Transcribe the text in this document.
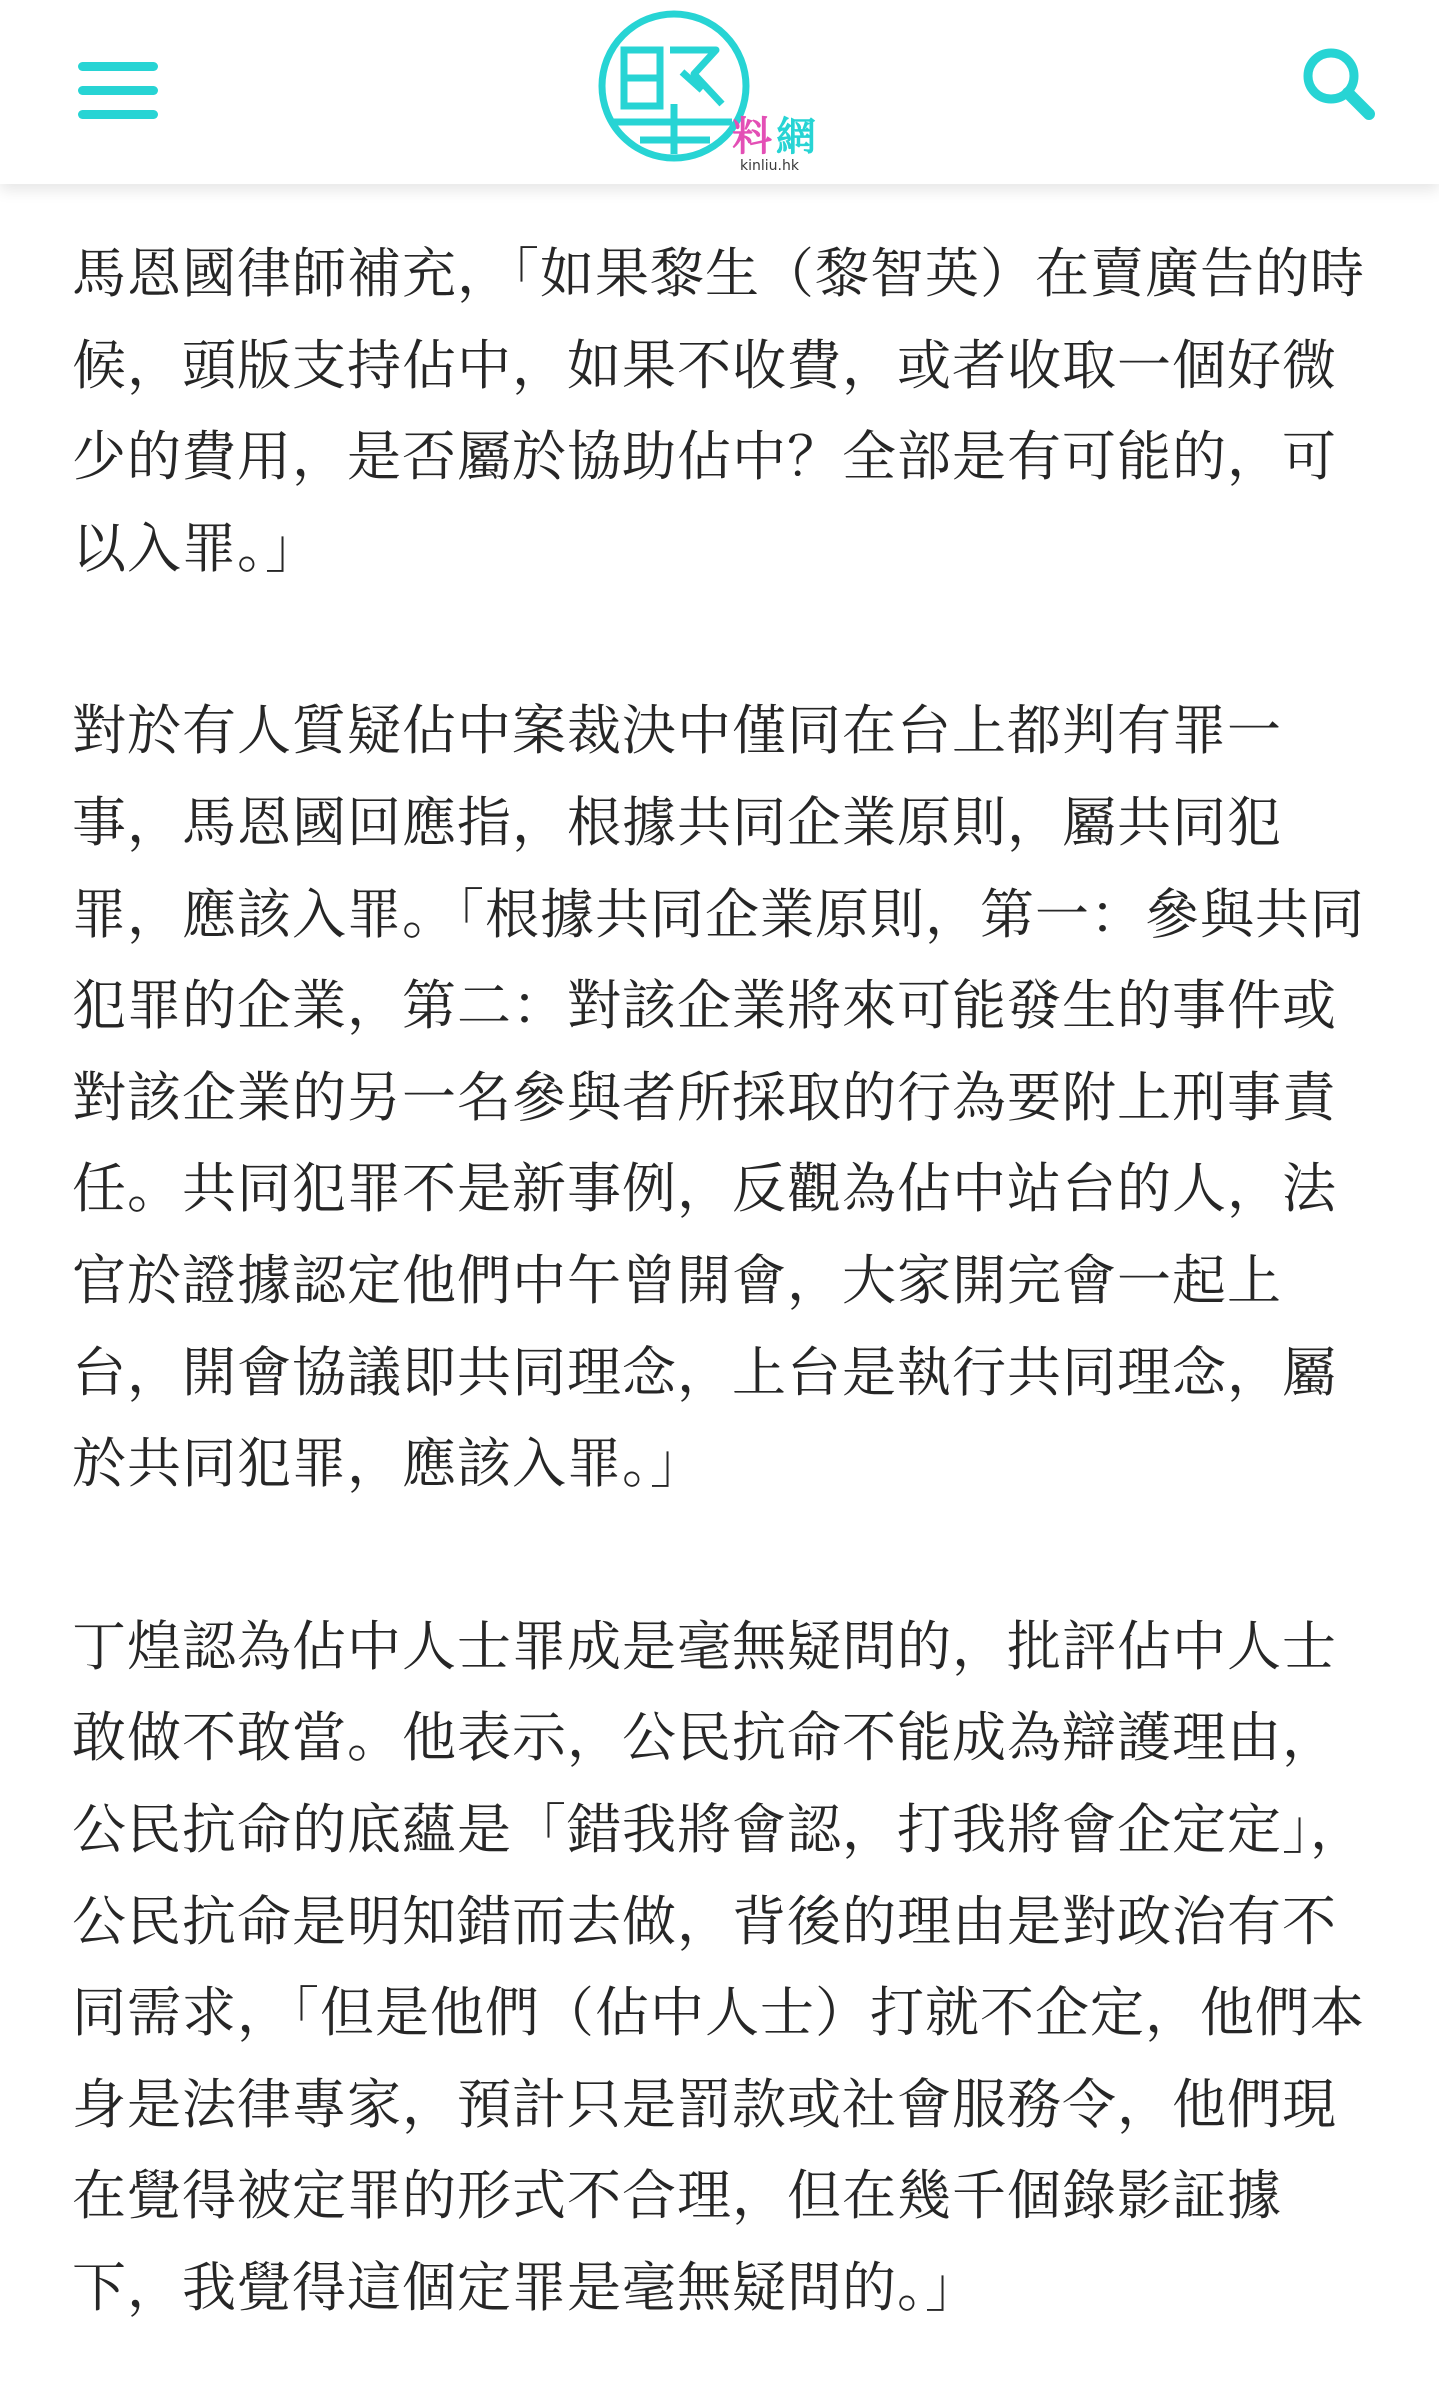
料 網
kinliu.hk

馬恩國律師補充，「如果黎生（黎智英）在賣廣告的時候，頭版支持佔中，如果不收費，或者收取一個好微少的費用，是否屬於協助佔中？全部是有可能的，可以入罪。」

對於有人質疑佔中案裁決中僅同在台上都判有罪一事，馬恩國回應指，根據共同企業原則，屬共同犯罪，應該入罪。「根據共同企業原則，第一：參與共同犯罪的企業，第二：對該企業將來可能發生的事件或對該企業的另一名參與者所採取的行為要附上刑事責任。共同犯罪不是新事例，反觀為佔中站台的人，法官於證據認定他們中午曾開會，大家開完會一起上台，開會協議即共同理念，上台是執行共同理念，屬於共同犯罪，應該入罪。」

丁煌認為佔中人士罪成是毫無疑問的，批評佔中人士敢做不敢當。他表示，公民抗命不能成為辯護理由，公民抗命的底蘊是「錯我將會認，打我將會企定定」，公民抗命是明知錯而去做，背後的理由是對政治有不同需求，「但是他們（佔中人士）打就不企定，他們本身是法律專家，預計只是罰款或社會服務令，他們現在覺得被定罪的形式不合理，但在幾千個錄影証據下，我覺得這個定罪是毫無疑問的。」
